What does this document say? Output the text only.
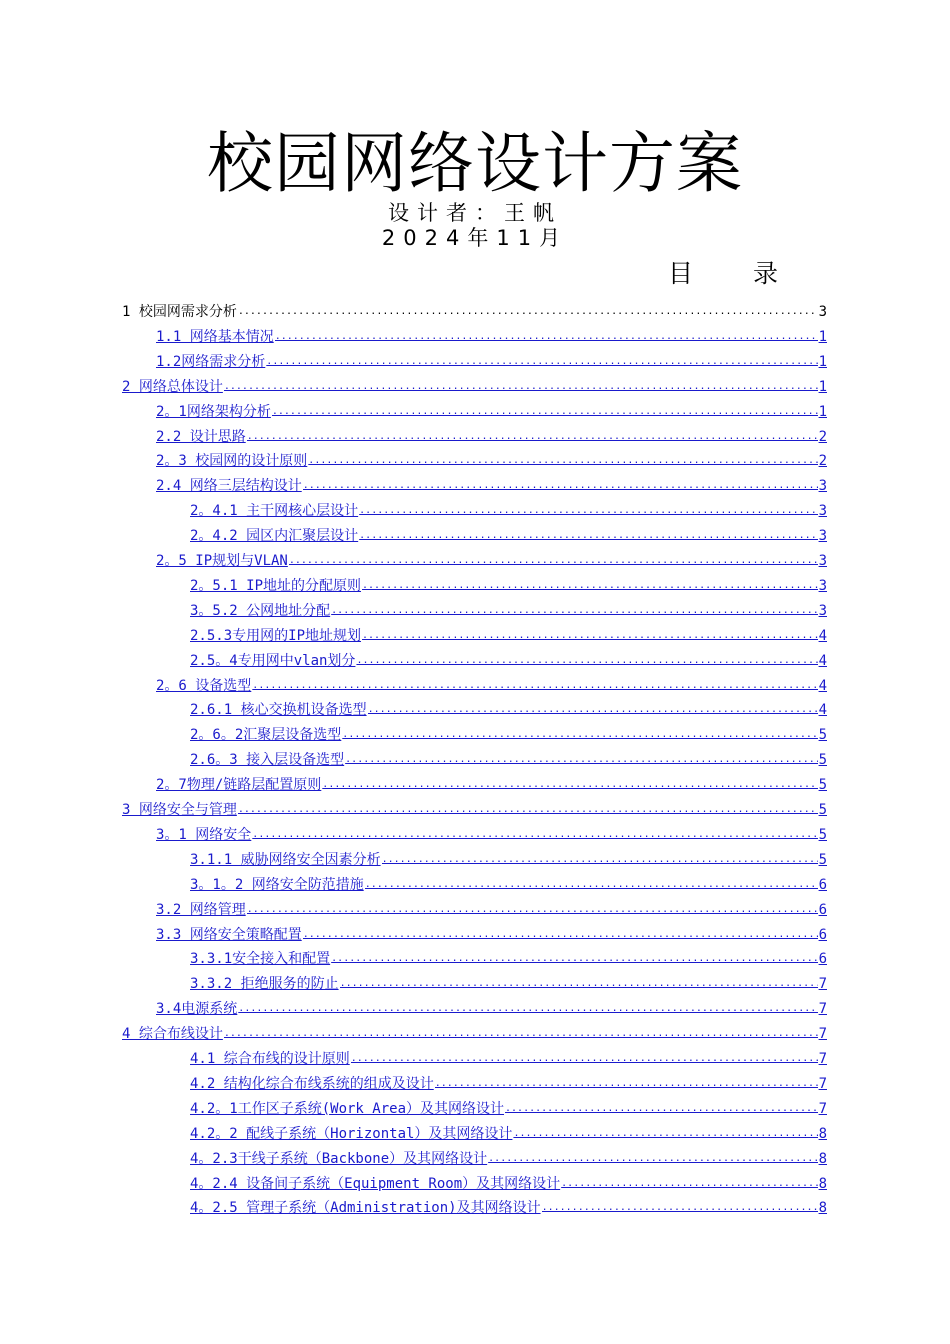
校园网络设计方案
设计者：王帆
2024年11月
目录
1 校园网需求分析 .....	3
1.1 网络基本情况 .....	1
1.2网络需求分析 .....	1
2 网络总体设计 .....	1
2。1网络架构分析 .....	1
2.2 设计思路 .....	2
2。3 校园网的设计原则 .....	2
2.4 网络三层结构设计 .....	3
2。4.1 主干网核心层设计 .....	3
2。4.2 园区内汇聚层设计 .....	3
2。5 IP规划与VLAN .....	3
2。5.1 IP地址的分配原则 .....	3
3。5.2 公网地址分配 .....	3
2.5.3专用网的IP地址规划 .....	4
2.5。4专用网中vlan划分 .....	4
2。6 设备选型 .....	4
2.6.1 核心交换机设备选型 .....	4
2。6。2汇聚层设备选型 .....	5
2.6。3 接入层设备选型 .....	5
2。7物理/链路层配置原则 .....	5
3 网络安全与管理 .....	5
3。1 网络安全 .....	5
3.1.1 威胁网络安全因素分析 .....	5
3。1。2 网络安全防范措施 .....	6
3.2 网络管理 .....	6
3.3 网络安全策略配置 .....	6
3.3.1安全接入和配置 .....	6
3.3.2 拒绝服务的防止 .....	7
3.4电源系统 .....	7
4 综合布线设计 .....	7
4.1 综合布线的设计原则 .....	7
4.2 结构化综合布线系统的组成及设计 .....	7
4.2。1工作区子系统(Work Area）及其网络设计 .....	7
4.2。2 配线子系统（Horizontal）及其网络设计 .....	8
4。2.3干线子系统（Backbone）及其网络设计 .....	8
4。2.4 设备间子系统（Equipment Room）及其网络设计 .....	8
4。2.5 管理子系统（Administration)及其网络设计 .....	8
